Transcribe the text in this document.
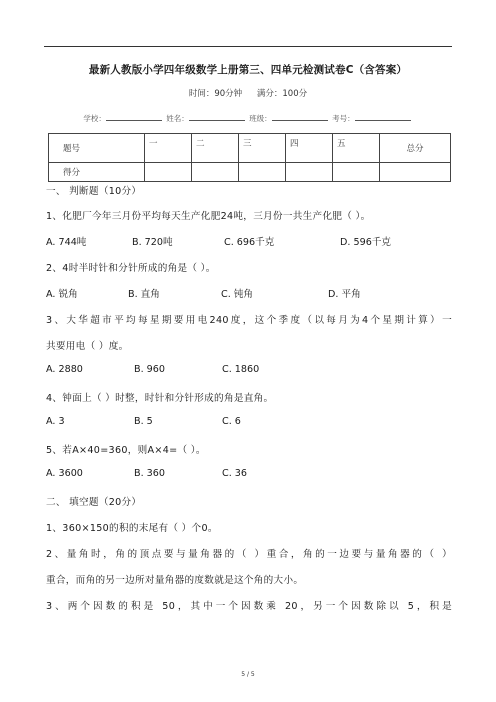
最新人教版小学四年级数学上册第三、四单元检测试卷C（含答案）
时间：90分钟 满分：100分
学校：	姓名：	班级：	考号：
题号	一	二	三	四	五	总分
得分						
一、 判断题（10分）
1、化肥厂今年三月份平均每天生产化肥24吨，三月份一共生产化肥（ ）。
A. 744吨	B. 720吨	C. 696千克	D. 596千克
2、4时半时针和分针所成的角是（ ）。
A. 锐角	B. 直角	C. 钝角	D. 平角
3、大华超市平均每星期要用电240度，这个季度（以每月为4个星期计算）一
共要用电（ ）度。
A. 2880	B. 960	C. 1860
4、钟面上（ ）时整，时针和分针形成的角是直角。
A. 3	B. 5	C. 6
5、若A×40=360，则A×4=（ ）。
A. 3600	B. 360	C. 36
二、 填空题（20分）
1、360×150的积的末尾有（ ）个0。
2、量角时，角的顶点要与量角器的（ ）重合，角的一边要与量角器的（ ）
重合，而角的另一边所对量角器的度数就是这个角的大小。
3、两个因数的积是 50，其中一个因数乘 20，另一个因数除以 5，积是
5 / 5
